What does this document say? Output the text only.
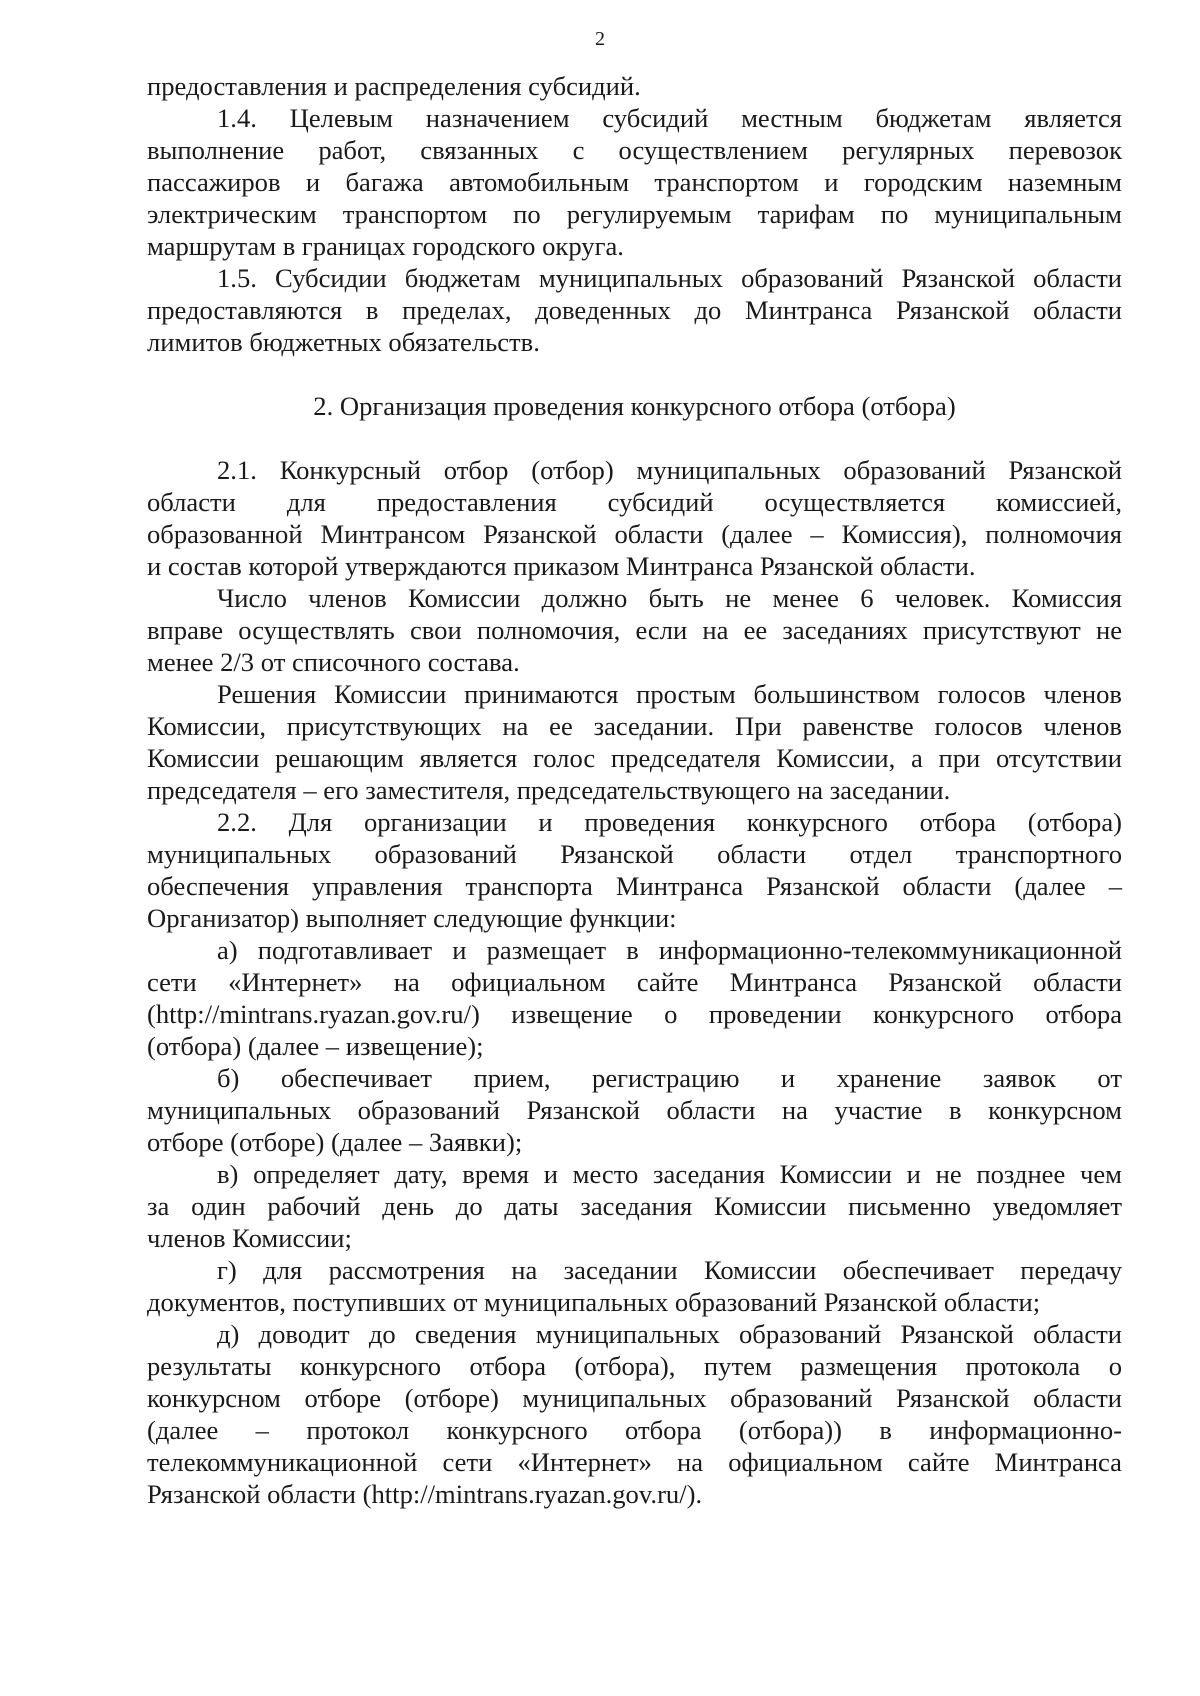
2
предоставления и распределения субсидий.
1.4. Целевым назначением субсидий местным бюджетам является
выполнение работ, связанных с осуществлением регулярных перевозок
пассажиров и багажа автомобильным транспортом и городским наземным
электрическим транспортом по регулируемым тарифам по муниципальным
маршрутам в границах городского округа.
1.5. Субсидии бюджетам муниципальных образований Рязанской области
предоставляются в пределах, доведенных до Минтранса Рязанской области
лимитов бюджетных обязательств.
2. Организация проведения конкурсного отбора (отбора)
2.1. Конкурсный отбор (отбор) муниципальных образований Рязанской
области для предоставления субсидий осуществляется комиссией,
образованной Минтрансом Рязанской области (далее – Комиссия), полномочия
и состав которой утверждаются приказом Минтранса Рязанской области.
Число членов Комиссии должно быть не менее 6 человек. Комиссия
вправе осуществлять свои полномочия, если на ее заседаниях присутствуют не
менее 2/3 от списочного состава.
Решения Комиссии принимаются простым большинством голосов членов
Комиссии, присутствующих на ее заседании. При равенстве голосов членов
Комиссии решающим является голос председателя Комиссии, а при отсутствии
председателя – его заместителя, председательствующего на заседании.
2.2. Для организации и проведения конкурсного отбора (отбора)
муниципальных образований Рязанской области отдел транспортного
обеспечения управления транспорта Минтранса Рязанской области (далее –
Организатор) выполняет следующие функции:
а) подготавливает и размещает в информационно-телекоммуникационной
сети «Интернет» на официальном сайте Минтранса Рязанской области
(http://mintrans.ryazan.gov.ru/) извещение о проведении конкурсного отбора
(отбора) (далее – извещение);
б) обеспечивает прием, регистрацию и хранение заявок от
муниципальных образований Рязанской области на участие в конкурсном
отборе (отборе) (далее – Заявки);
в) определяет дату, время и место заседания Комиссии и не позднее чем
за один рабочий день до даты заседания Комиссии письменно уведомляет
членов Комиссии;
г) для рассмотрения на заседании Комиссии обеспечивает передачу
документов, поступивших от муниципальных образований Рязанской области;
д) доводит до сведения муниципальных образований Рязанской области
результаты конкурсного отбора (отбора), путем размещения протокола о
конкурсном отборе (отборе) муниципальных образований Рязанской области
(далее – протокол конкурсного отбора (отбора)) в информационно-
телекоммуникационной сети «Интернет» на официальном сайте Минтранса
Рязанской области (http://mintrans.ryazan.gov.ru/).
